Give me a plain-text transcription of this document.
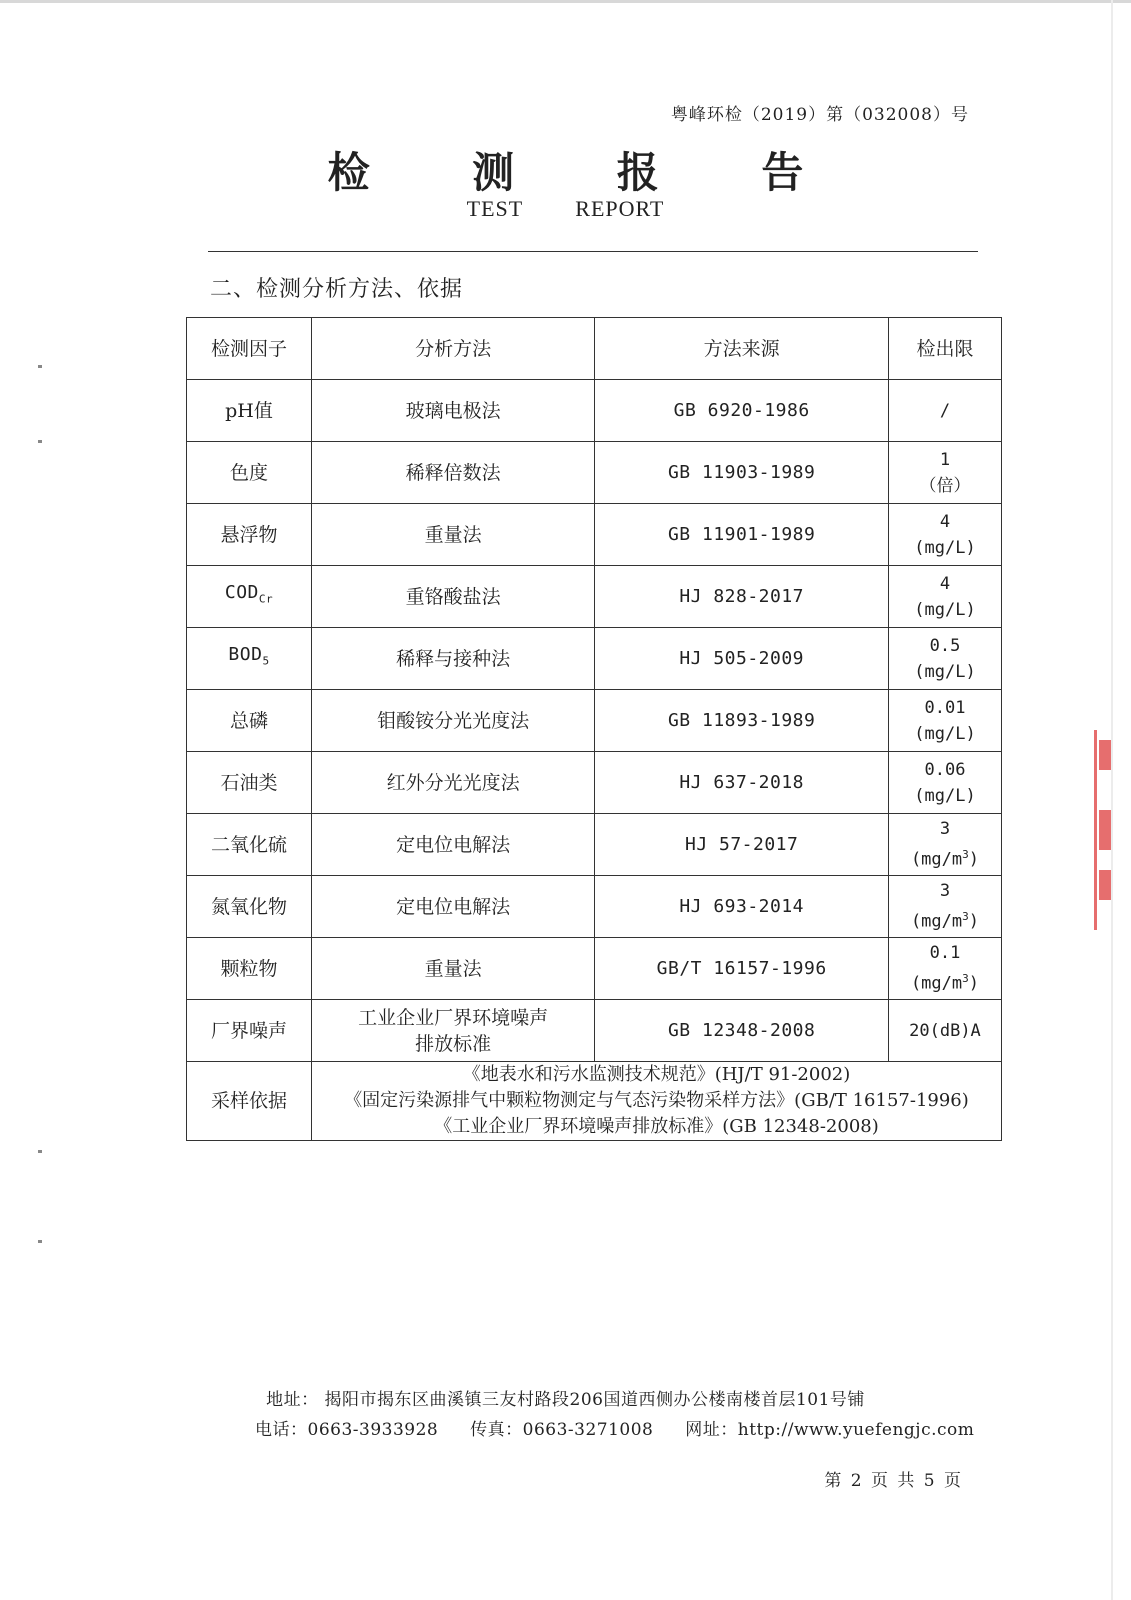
粤峰环检（2019）第（032008）号
检 测 报 告
TEST REPORT
二、检测分析方法、依据
检测因子	分析方法	方法来源	检出限
pH值	玻璃电极法	GB 6920-1986	/
色度	稀释倍数法	GB 11903-1989	1
（倍）

悬浮物	重量法	GB 11901-1989	4
(mg/L)

$COD_{Cr}$	重铬酸盐法	HJ 828-2017	4
(mg/L)

$BOD_5$	稀释与接种法	HJ 505-2009	0.5
(mg/L)

总磷	钼酸铵分光光度法	GB 11893-1989	0.01
(mg/L)

石油类	红外分光光度法	HJ 637-2018	0.06
(mg/L)

二氧化硫	定电位电解法	HJ 57-2017	3
$(mg/m^3)$

氮氧化物	定电位电解法	HJ 693-2014	3
$(mg/m^3)$

颗粒物	重量法	GB/T 16157-1996	0.1
$(mg/m^3)$

厂界噪声	工业企业厂界环境噪声
排放标准	GB 12348-2008	20(dB)A
采样依据	《地表水和污水监测技术规范》(HJ/T 91-2002)
《固定污染源排气中颗粒物测定与气态污染物采样方法》(GB/T 16157-1996)
《工业企业厂界环境噪声排放标准》(GB 12348-2008)		
地址： 揭阳市揭东区曲溪镇三友村路段206国道西侧办公楼南楼首层101号铺
电话：0663-3933928 传真：0663-3271008 网址：http://www.yuefengjc.com
第 2 页 共 5 页
